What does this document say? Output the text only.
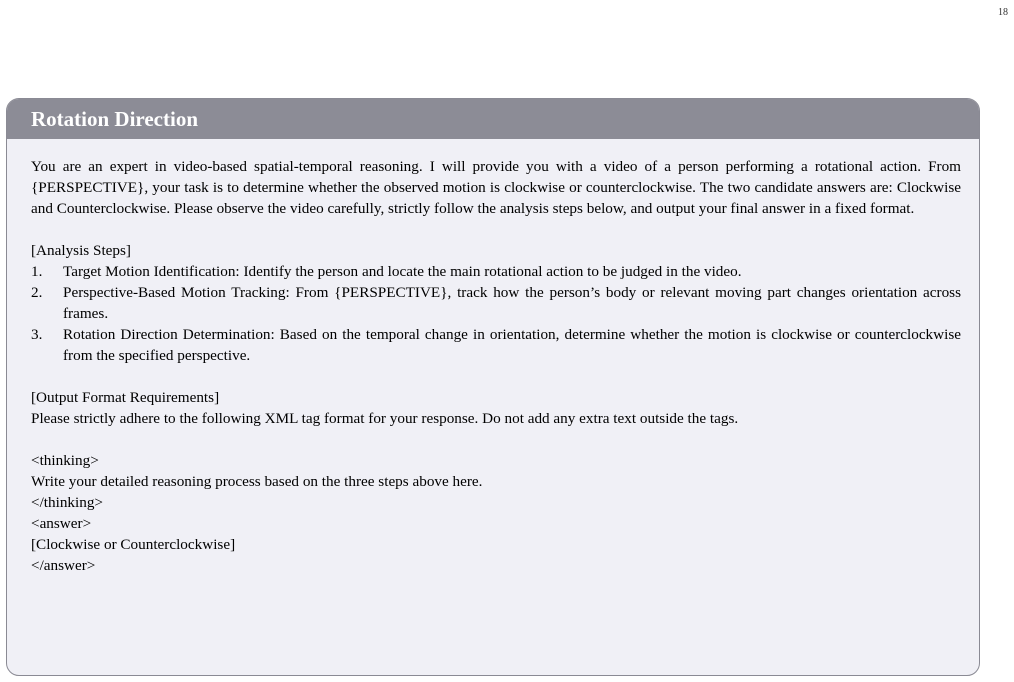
18
Rotation Direction

You are an expert in video-based spatial-temporal reasoning. I will provide you with a video of a person performing a rotational action. From {PERSPECTIVE}, your task is to determine whether the observed motion is clockwise or counterclockwise. The two candidate answers are: Clockwise and Counterclockwise. Please observe the video carefully, strictly follow the analysis steps below, and output your final answer in a fixed format.

[Analysis Steps]

1. Target Motion Identification: Identify the person and locate the main rotational action to be judged in the video.
2. Perspective-Based Motion Tracking: From {PERSPECTIVE}, track how the person’s body or relevant moving part changes orientation across frames.
3. Rotation Direction Determination: Based on the temporal change in orientation, determine whether the motion is clockwise or counterclockwise from the specified perspective.

[Output Format Requirements]

Please strictly adhere to the following XML tag format for your response. Do not add any extra text outside the tags.

<thinking>

Write your detailed reasoning process based on the three steps above here.

</thinking>

<answer>

[Clockwise or Counterclockwise]

</answer>
